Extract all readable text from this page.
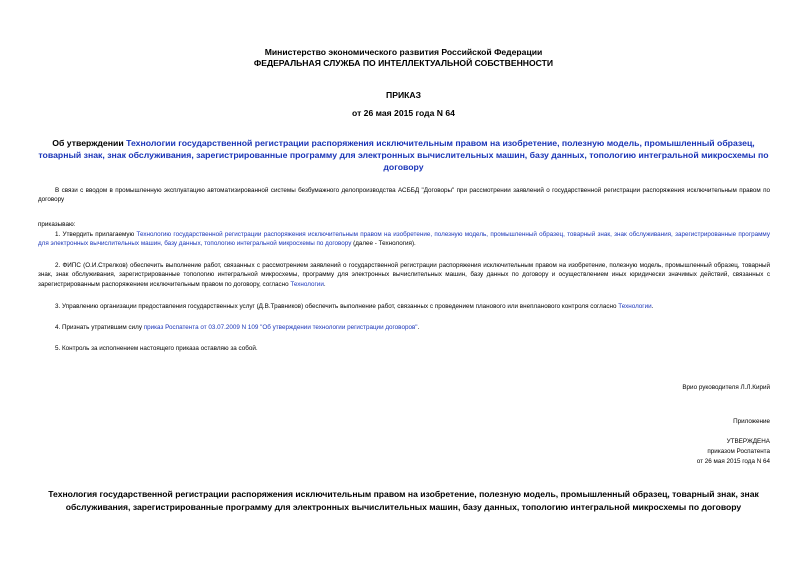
Министерство экономического развития Российской Федерации
ФЕДЕРАЛЬНАЯ СЛУЖБА ПО ИНТЕЛЛЕКТУАЛЬНОЙ СОБСТВЕННОСТИ
ПРИКАЗ
от 26 мая 2015 года N 64
Об утверждении Технологии государственной регистрации распоряжения исключительным правом на изобретение, полезную модель, промышленный образец, товарный знак, знак обслуживания, зарегистрированные программу для электронных вычислительных машин, базу данных, топологию интегральной микросхемы по договору
В связи с вводом в промышленную эксплуатацию автоматизированной системы безбумажного делопроизводства АСББД "Договоры" при рассмотрении заявлений о государственной регистрации распоряжения исключительным правом по договору
приказываю:
1. Утвердить прилагаемую Технологию государственной регистрации распоряжения исключительным правом на изобретение, полезную модель, промышленный образец, товарный знак, знак обслуживания, зарегистрированные программу для электронных вычислительных машин, базу данных, топологию интегральной микросхемы по договору (далее - Технология).
2. ФИПС (О.И.Стрелков) обеспечить выполнение работ, связанных с рассмотрением заявлений о государственной регистрации распоряжения исключительным правом на изобретение, полезную модель, промышленный образец, товарный знак, знак обслуживания, зарегистрированные топологию интегральной микросхемы, программу для электронных вычислительных машин, базу данных по договору и осуществлением иных юридически значимых действий, связанных с зарегистрированным распоряжением исключительным правом по договору, согласно Технологии.
3. Управлению организации предоставления государственных услуг (Д.В.Травников) обеспечить выполнение работ, связанных с проведением планового или внепланового контроля согласно Технологии.
4. Признать утратившим силу приказ Роспатента от 03.07.2009 N 109 "Об утверждении технологии регистрации договоров".
5. Контроль за исполнением настоящего приказа оставляю за собой.
Врио руководителя Л.Л.Кирий
Приложение
УТВЕРЖДЕНА
приказом Роспатента
от 26 мая 2015 года N 64
Технология государственной регистрации распоряжения исключительным правом на изобретение, полезную модель, промышленный образец, товарный знак, знак обслуживания, зарегистрированные программу для электронных вычислительных машин, базу данных, топологию интегральной микросхемы по договору
